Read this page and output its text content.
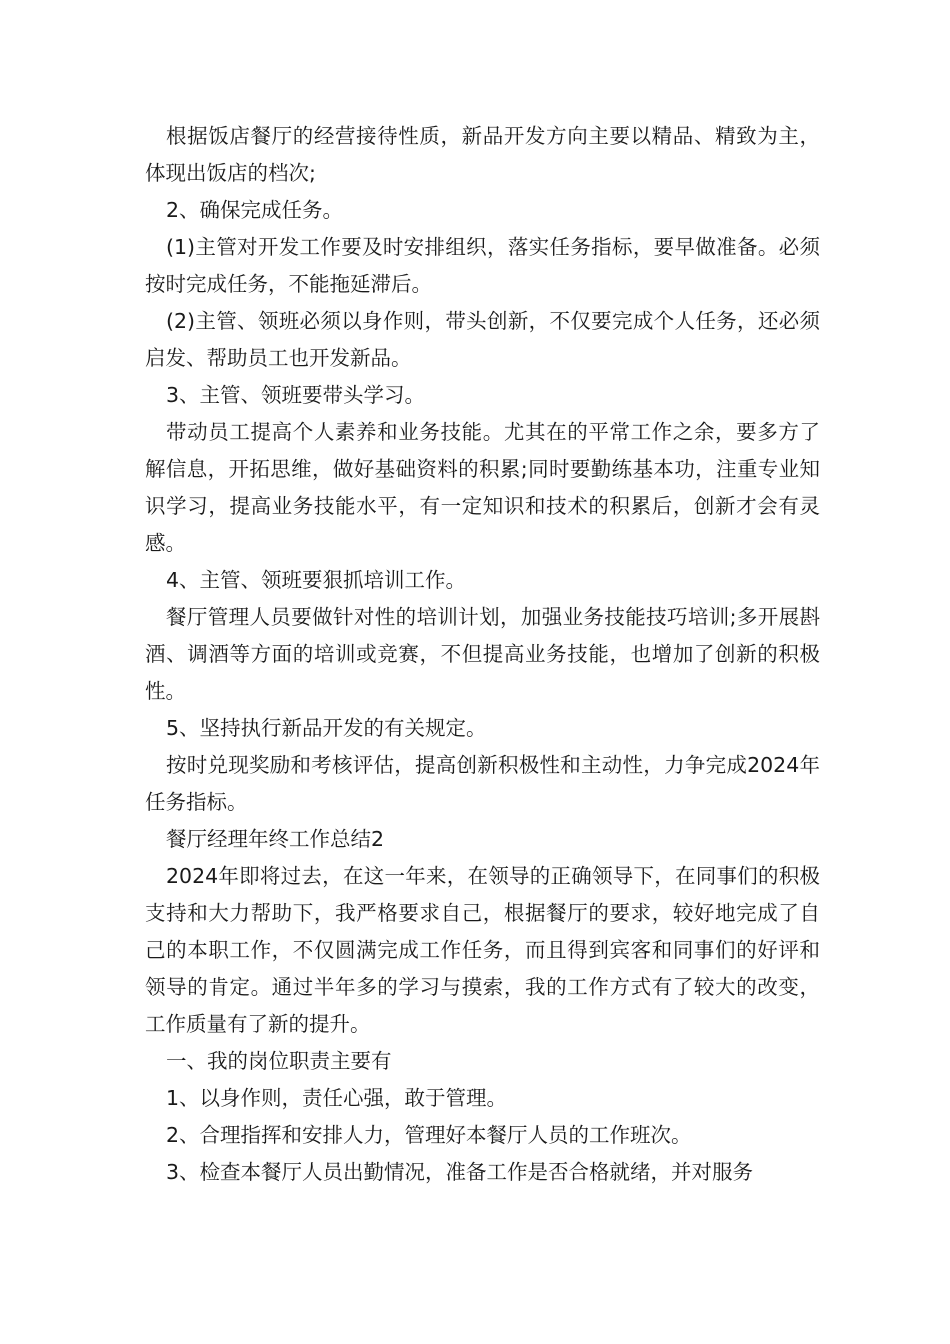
根据饭店餐厅的经营接待性质，新品开发方向主要以精品、精致为主，体现出饭店的档次;

2、确保完成任务。

(1)主管对开发工作要及时安排组织，落实任务指标，要早做准备。必须按时完成任务，不能拖延滞后。

(2)主管、领班必须以身作则，带头创新，不仅要完成个人任务，还必须启发、帮助员工也开发新品。

3、主管、领班要带头学习。

带动员工提高个人素养和业务技能。尤其在的平常工作之余，要多方了解信息，开拓思维，做好基础资料的积累;同时要勤练基本功，注重专业知识学习，提高业务技能水平，有一定知识和技术的积累后，创新才会有灵感。

4、主管、领班要狠抓培训工作。

餐厅管理人员要做针对性的培训计划，加强业务技能技巧培训;多开展斟酒、调酒等方面的培训或竞赛，不但提高业务技能，也增加了创新的积极性。

5、坚持执行新品开发的有关规定。

按时兑现奖励和考核评估，提高创新积极性和主动性，力争完成2024年任务指标。

餐厅经理年终工作总结2

2024年即将过去，在这一年来，在领导的正确领导下，在同事们的积极支持和大力帮助下，我严格要求自己，根据餐厅的要求，较好地完成了自己的本职工作，不仅圆满完成工作任务，而且得到宾客和同事们的好评和领导的肯定。通过半年多的学习与摸索，我的工作方式有了较大的改变，工作质量有了新的提升。

一、我的岗位职责主要有

1、以身作则，责任心强，敢于管理。

2、合理指挥和安排人力，管理好本餐厅人员的工作班次。

3、检查本餐厅人员出勤情况，准备工作是否合格就绪，并对服务
